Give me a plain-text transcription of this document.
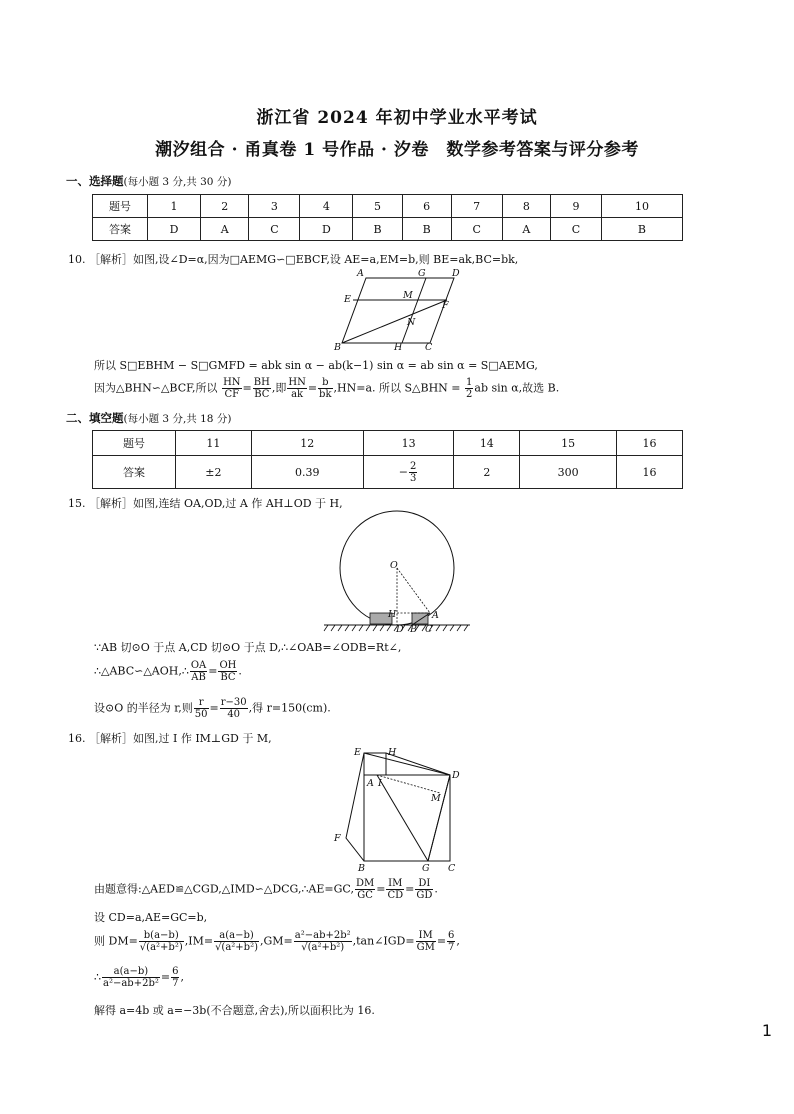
浙江省 2024 年初中学业水平考试
潮汐组合 · 甬真卷 1 号作品 · 汐卷　数学参考答案与评分参考
一、选择题(每小题 3 分,共 30 分)
题号	1	2	3	4	5	6	7	8	9	10
答案	D	A	C	D	B	B	C	A	C	B
10. ［解析］如图,设∠D=α,因为□AEMG∽□EBCF,设 AE=a,EM=b,则 BE=ak,BC=bk,
A	G	D
E	M
F
N
B	H C
所以 S□EBHM − S□GMFD = abk sin α − ab(k−1) sin α = ab sin α = S□AEMG,
因为△BHN∽△BCF,所以 $\frac{HN}{CF} = \frac{BH}{BC}$ ,即 $\frac{HN}{ak} = \frac{b}{bk} ,HN=a$. 所以 S△BHN = $\frac{1}{2}$ ab sin α,故选 B.
二、填空题(每小题 3 分,共 18 分)
题号	11	12	13	14	15	16
答案	±2	0.39	− $\frac{2}{3}$	2	300	16
15. ［解析］如图,连结 OA,OD,过 A 作 AH⊥OD 于 H,
O
H	A
D B C
∵AB 切⊙O 于点 A,CD 切⊙O 于点 D,∴∠OAB=∠ODB=Rt∠,
∴△ABC∽△AOH,∴ $\frac{OA}{AB} = \frac{OH}{BC}$ .
设⊙O 的半径为 r,则 $\frac{r}{50} = \frac{r-30}{40}$ ,得 r=150(cm).
16. ［解析］如图,过 I 作 IM⊥GD 于 M,
E	H
A I
D
M
F
B	G C
由题意得:△AED≌△CGD,△IMD∽△DCG,∴AE=GC, $\frac{DM}{GC} = \frac{IM}{CD} = \frac{DI}{GD}$ .
设 CD=a,AE=GC=b,
则 $DM= \frac{b(a-b)}{\text{√(a²+b²)}} ,IM= \frac{a(a-b)}{\text{√(a²+b²)}} ,GM= \frac{\text{a²−ab+2b²}}{\text{√(a²+b²)}}$ ,tan∠IGD= $\frac{IM}{GM} = \frac{6}{7}$ ,
∴ $\frac{a(a-b)}{\text{a²−ab+2b²}} = \frac{6}{7}$ ,
解得 a=4b 或 a=−3b(不合题意,舍去),所以面积比为 16.
1
